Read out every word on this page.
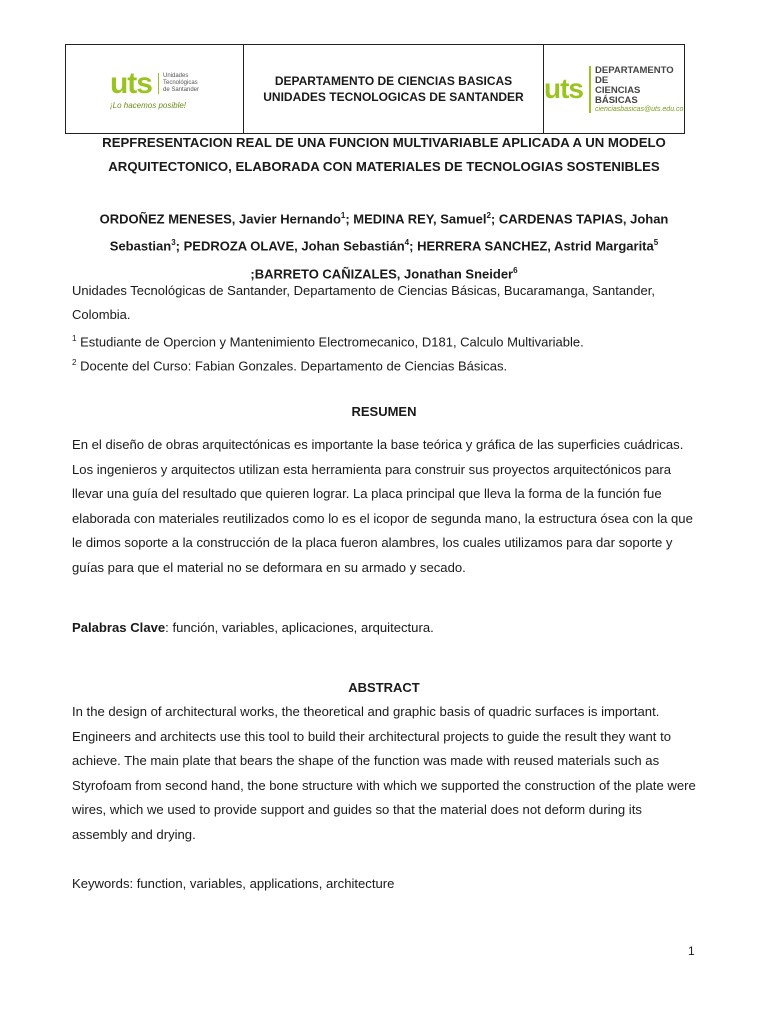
uts Unidades
Tecnológicas
de Santander
¡Lo hacemos posible!
DEPARTAMENTO DE CIENCIAS BASICAS
UNIDADES TECNOLOGICAS DE SANTANDER uts
DEPARTAMENTO DE
CIENCIAS BÁSICAS
cienciasbasicas@uts.edu.co
REPFRESENTACION REAL DE UNA FUNCION MULTIVARIABLE APLICADA A UN MODELO
ARQUITECTONICO, ELABORADA CON MATERIALES DE TECNOLOGIAS SOSTENIBLES
ORDOÑEZ MENESES, Javier Hernando$^1$; MEDINA REY, Samuel$^2$; CARDENAS TAPIAS, Johan Sebastian$^3$; PEDROZA OLAVE, Johan Sebastián$^4$; HERRERA SANCHEZ, Astrid Margarita$^5$
;BARRETO CAÑIZALES, Jonathan Sneider$^6$
Unidades Tecnológicas de Santander, Departamento de Ciencias Básicas, Bucaramanga, Santander, Colombia.
$^1$ Estudiante de Opercion y Mantenimiento Electromecanico, D181, Calculo Multivariable.
$^2$ Docente del Curso: Fabian Gonzales. Departamento de Ciencias Básicas.
RESUMEN
En el diseño de obras arquitectónicas es importante la base teórica y gráfica de las superficies cuádricas. Los ingenieros y arquitectos utilizan esta herramienta para construir sus proyectos arquitectónicos para llevar una guía del resultado que quieren lograr. La placa principal que lleva la forma de la función fue elaborada con materiales reutilizados como lo es el icopor de segunda mano, la estructura ósea con la que le dimos soporte a la construcción de la placa fueron alambres, los cuales utilizamos para dar soporte y guías para que el material no se deformara en su armado y secado.
Palabras Clave: función, variables, aplicaciones, arquitectura.
ABSTRACT
In the design of architectural works, the theoretical and graphic basis of quadric surfaces is important. Engineers and architects use this tool to build their architectural projects to guide the result they want to achieve. The main plate that bears the shape of the function was made with reused materials such as Styrofoam from second hand, the bone structure with which we supported the construction of the plate were wires, which we used to provide support and guides so that the material does not deform during its assembly and drying.
Keywords: function, variables, applications, architecture
1
